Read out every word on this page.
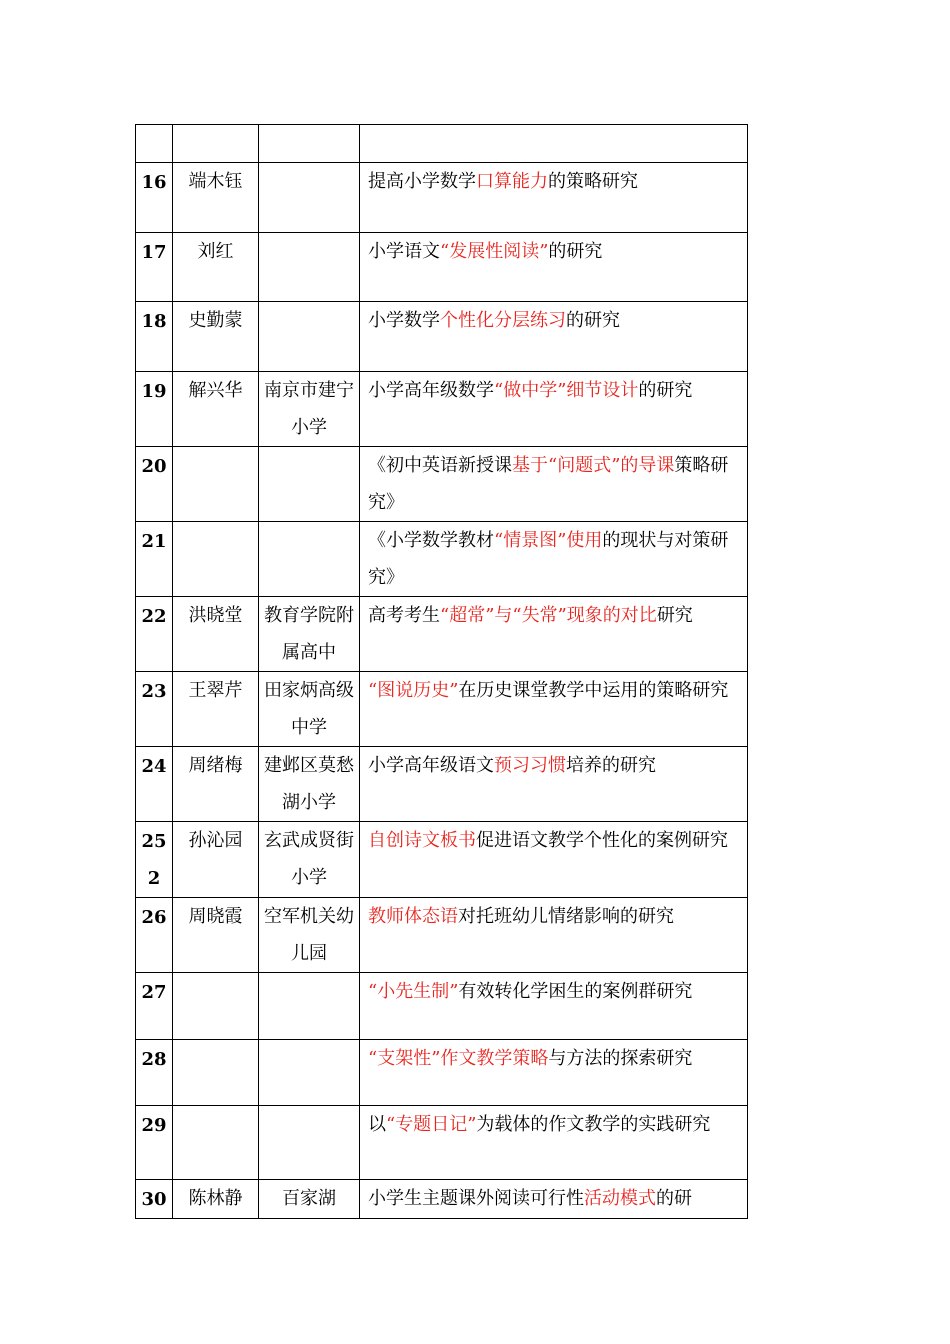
16	端木钰		提高小学数学口算能力的策略研究

17	刘红		小学语文“发展性阅读”的研究

18	史勤蒙		小学数学个性化分层练习的研究

19	解兴华	南京市建宁小学	小学高年级数学“做中学”细节设计的研究

20			《初中英语新授课基于“问题式”的导课策略研究》

21			《小学数学教材“情景图”使用的现状与对策研究》

22	洪晓堂	教育学院附属高中	高考考生“超常”与“失常”现象的对比研究

23	王翠芹	田家炳高级中学	“图说历史”在历史课堂教学中运用的策略研究

24	周绪梅	建邺区莫愁湖小学	小学高年级语文预习习惯培养的研究

252	孙沁园	玄武成贤街小学	自创诗文板书促进语文教学个性化的案例研究

26	周晓霞	空军机关幼儿园	教师体态语对托班幼儿情绪影响的研究

27			“小先生制”有效转化学困生的案例群研究

28			“支架性”作文教学策略与方法的探索研究

29			以“专题日记”为载体的作文教学的实践研究

30	陈林静	百家湖	小学生主题课外阅读可行性活动模式的研
